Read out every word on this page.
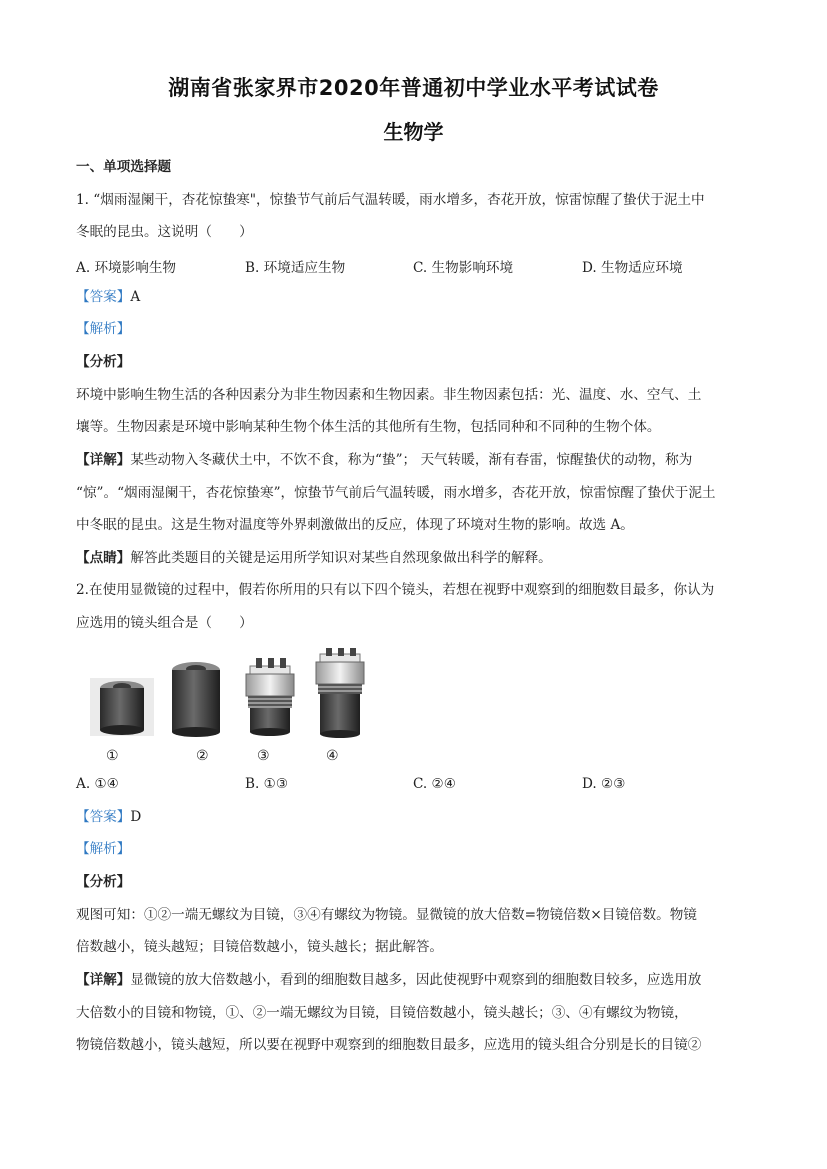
湖南省张家界市2020年普通初中学业水平考试试卷
生物学
一、单项选择题
1. “烟雨湿阑干，杏花惊蛰寒"，惊蛰节气前后气温转暖，雨水增多，杏花开放，惊雷惊醒了蛰伏于泥土中
冬眠的昆虫。这说明（　　）
A. 环境影响生物	B. 环境适应生物	C. 生物影响环境	D. 生物适应环境
【答案】A
【解析】
【分析】
环境中影响生物生活的各种因素分为非生物因素和生物因素。非生物因素包括：光、温度、水、空气、土
壤等。生物因素是环境中影响某种生物个体生活的其他所有生物，包括同种和不同种的生物个体。
【详解】某些动物入冬藏伏土中，不饮不食，称为“蛰”； 天气转暖，渐有春雷，惊醒蛰伏的动物，称为
“惊”。“烟雨湿阑干，杏花惊蛰寒”，惊蛰节气前后气温转暖，雨水增多，杏花开放，惊雷惊醒了蛰伏于泥土
中冬眠的昆虫。这是生物对温度等外界刺激做出的反应，体现了环境对生物的影响。故选 A。
【点睛】解答此类题目的关键是运用所学知识对某些自然现象做出科学的解释。
2.在使用显微镜的过程中，假若你所用的只有以下四个镜头，若想在视野中观察到的细胞数目最多，你认为
应选用的镜头组合是（　　）
①	②	③	④
A. ①④	B. ①③	C. ②④	D. ②③
【答案】D
【解析】
【分析】
观图可知：①②一端无螺纹为目镜，③④有螺纹为物镜。显微镜的放大倍数=物镜倍数×目镜倍数。物镜
倍数越小，镜头越短；目镜倍数越小，镜头越长；据此解答。
【详解】显微镜的放大倍数越小，看到的细胞数目越多，因此使视野中观察到的细胞数目较多，应选用放
大倍数小的目镜和物镜，①、②一端无螺纹为目镜，目镜倍数越小，镜头越长；③、④有螺纹为物镜，
物镜倍数越小，镜头越短，所以要在视野中观察到的细胞数目最多，应选用的镜头组合分别是长的目镜②
